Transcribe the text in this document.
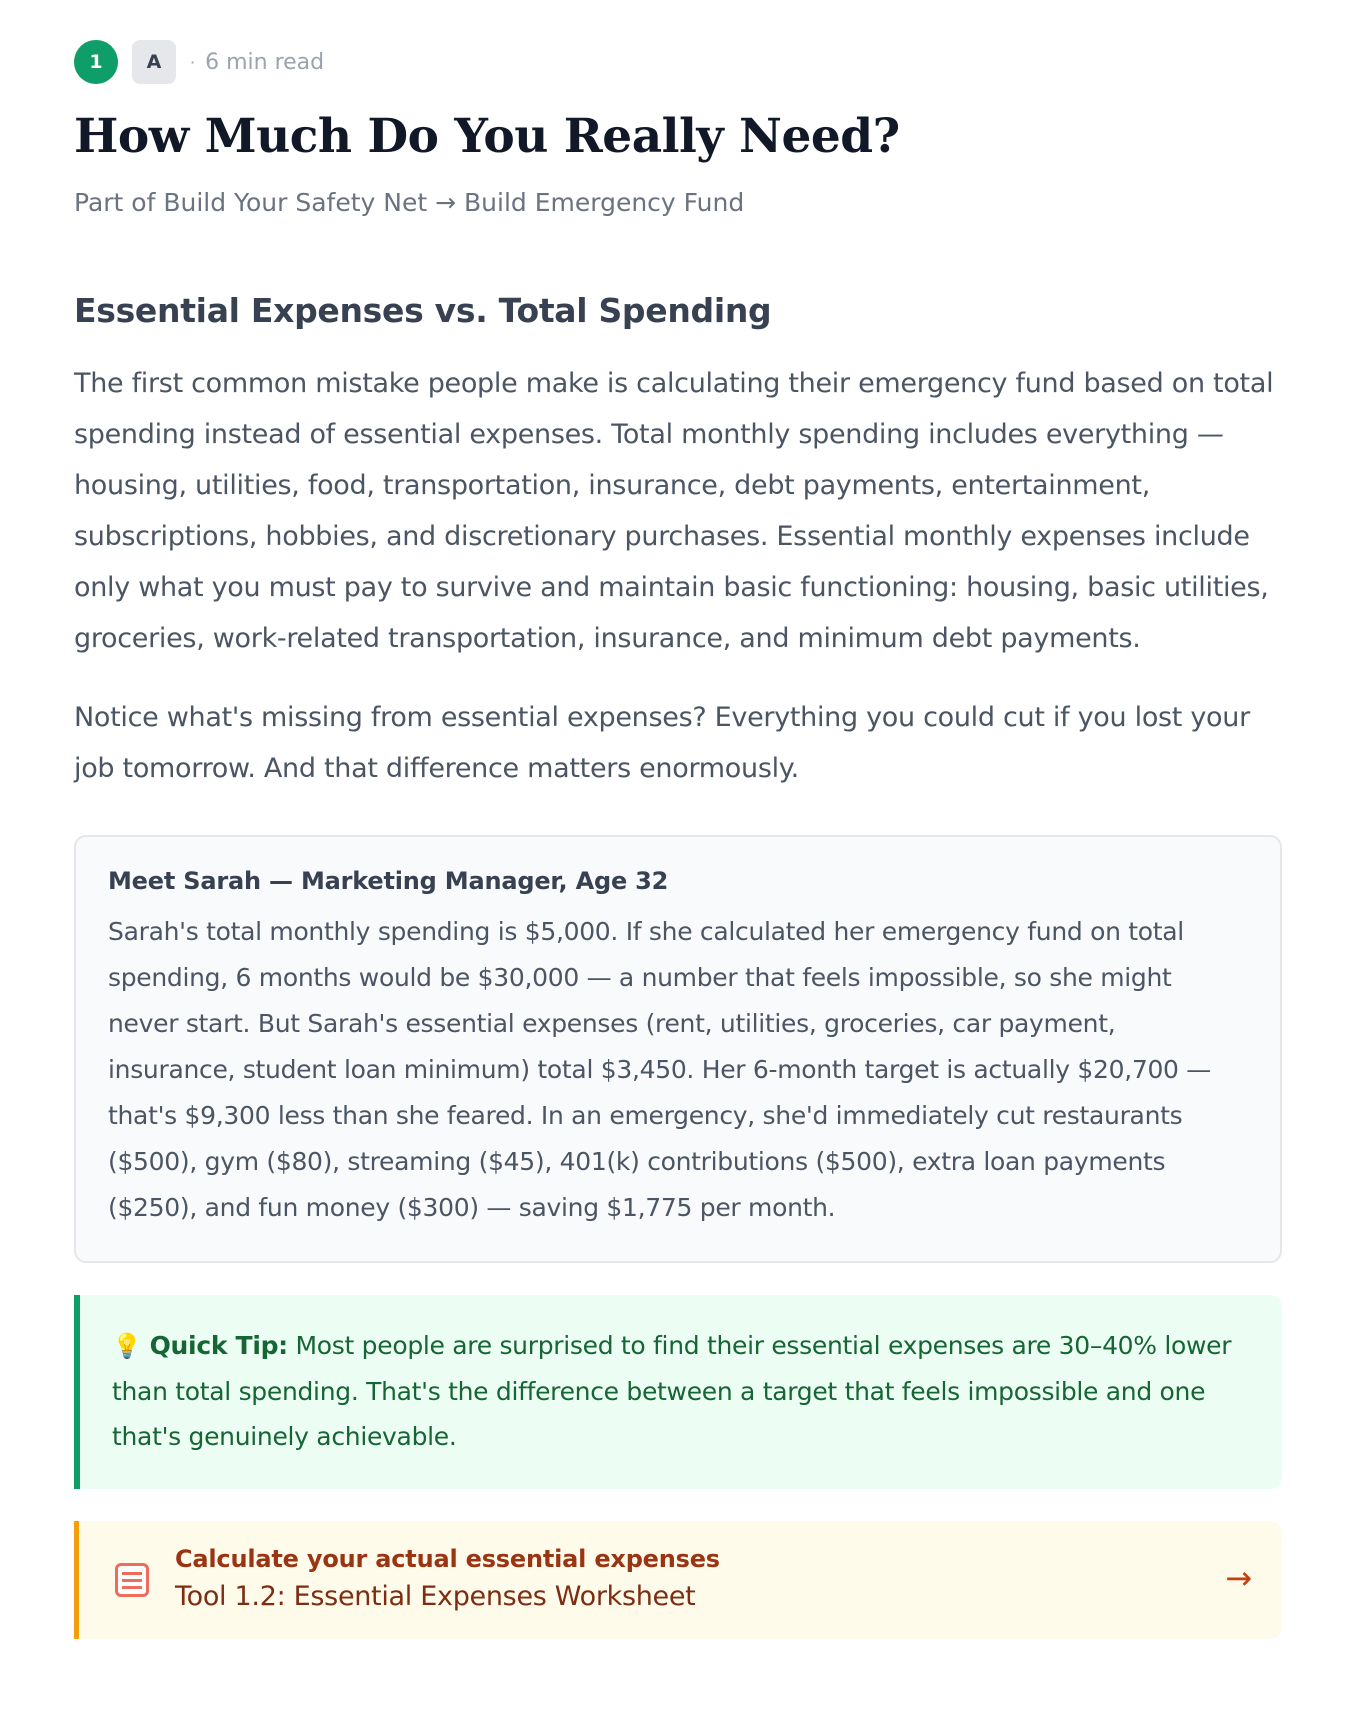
1	A	· 6 min read
How Much Do You Really Need?
Part of Build Your Safety Net → Build Emergency Fund
Essential Expenses vs. Total Spending

The first common mistake people make is calculating their emergency fund based on total spending instead of essential expenses. Total monthly spending includes everything — housing, utilities, food, transportation, insurance, debt payments, entertainment, subscriptions, hobbies, and discretionary purchases. Essential monthly expenses include only what you must pay to survive and maintain basic functioning: housing, basic utilities, groceries, work-related transportation, insurance, and minimum debt payments.

Notice what's missing from essential expenses? Everything you could cut if you lost your job tomorrow. And that difference matters enormously.

Meet Sarah — Marketing Manager, Age 32
Sarah's total monthly spending is $5,000. If she calculated her emergency fund on total spending, 6 months would be $30,000 — a number that feels impossible, so she might never start. But Sarah's essential expenses (rent, utilities, groceries, car payment, insurance, student loan minimum) total $3,450. Her 6-month target is actually $20,700 — that's $9,300 less than she feared. In an emergency, she'd immediately cut restaurants ($500), gym ($80), streaming ($45), 401(k) contributions ($500), extra loan payments ($250), and fun money ($300) — saving $1,775 per month.
💡 Quick Tip: Most people are surprised to find their essential expenses are 30–40% lower than total spending. That's the difference between a target that feels impossible and one that's genuinely achievable.
Calculate your actual essential expenses
Tool 1.2: Essential Expenses Worksheet	→
